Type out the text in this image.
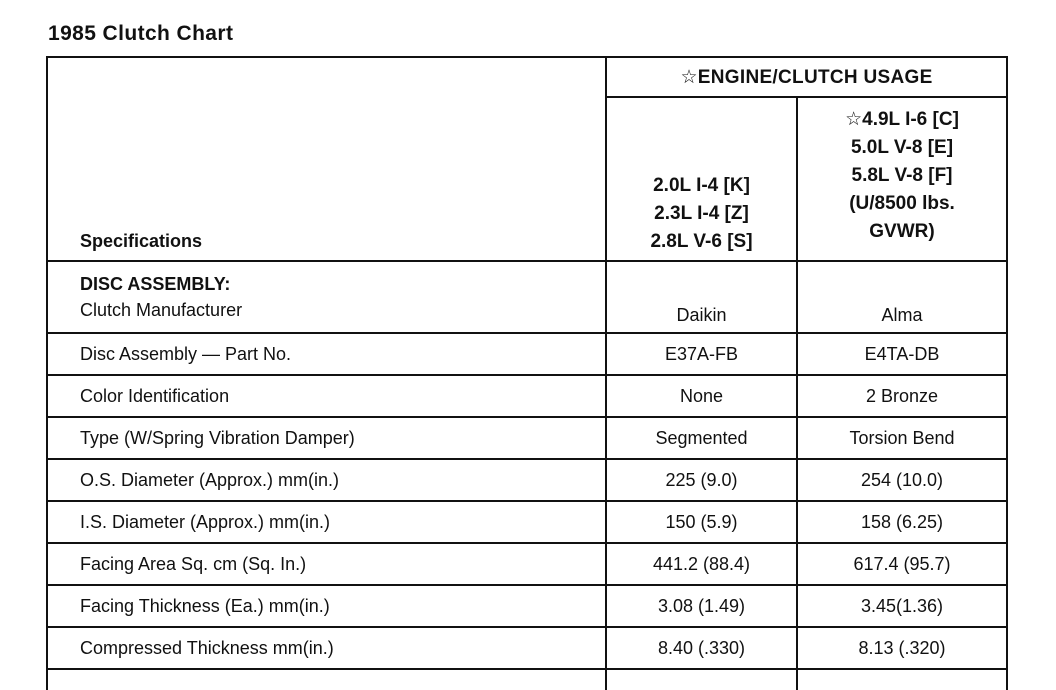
1985 Clutch Chart
Specifications	☆ENGINE/CLUTCH USAGE	

	2.0L I-4 [K]
2.3L I-4 [Z]
2.8L V-6 [S]	☆4.9L I-6 [C]
5.0L V-8 [E]
5.8L V-8 [F]
(U/8500 lbs.
GVWR)

DISC ASSEMBLY:
Clutch Manufacturer	Daikin	Alma
Disc Assembly — Part No.	E37A-FB	E4TA-DB
Color Identification	None	2 Bronze
Type (W/Spring Vibration Damper)	Segmented	Torsion Bend
O.S. Diameter (Approx.) mm(in.)	225 (9.0)	254 (10.0)
I.S. Diameter (Approx.) mm(in.)	150 (5.9)	158 (6.25)
Facing Area Sq. cm (Sq. In.)	441.2 (88.4)	617.4 (95.7)
Facing Thickness (Ea.) mm(in.)	3.08 (1.49)	3.45(1.36)
Compressed Thickness mm(in.)	8.40 (.330)	8.13 (.320)
